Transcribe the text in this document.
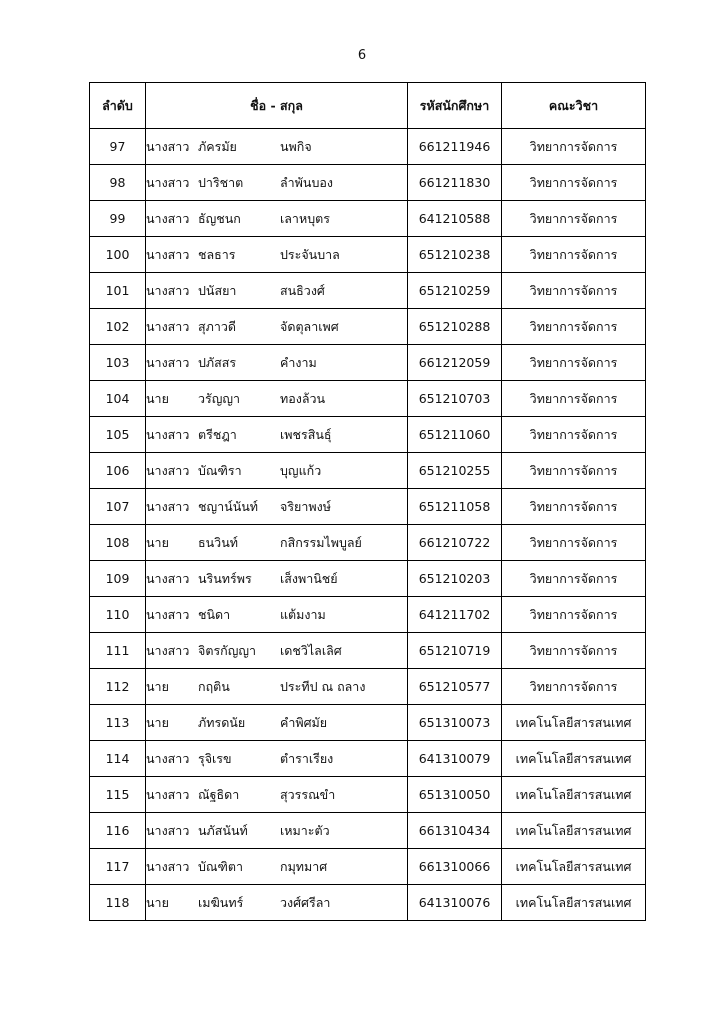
6
ลำดับ	ชื่อ - สกุล	รหัสนักศึกษา	คณะวิชา
97	นางสาว ภัครมัย นพกิจ	661211946	วิทยาการจัดการ
98	นางสาว ปาริชาต ลำพันบอง	661211830	วิทยาการจัดการ
99	นางสาว ธัญชนก เลาหบุตร	641210588	วิทยาการจัดการ
100	นางสาว ชลธาร ประจันบาล	651210238	วิทยาการจัดการ
101	นางสาว ปนัสยา สนธิวงศ์	651210259	วิทยาการจัดการ
102	นางสาว สุภาวดี จัดตุลาเพศ	651210288	วิทยาการจัดการ
103	นางสาว ปภัสสร คำงาม	661212059	วิทยาการจัดการ
104	นาย วรัญญา ทองล้วน	651210703	วิทยาการจัดการ
105	นางสาว ตรีชฎา เพชรสินธุ์	651211060	วิทยาการจัดการ
106	นางสาว บัณฑิรา บุญแก้ว	651210255	วิทยาการจัดการ
107	นางสาว ชญาน์นันท์ จริยาพงษ์	651211058	วิทยาการจัดการ
108	นาย ธนวินท์ กสิกรรมไพบูลย์	661210722	วิทยาการจัดการ
109	นางสาว นรินทร์พร เส็งพานิชย์	651210203	วิทยาการจัดการ
110	นางสาว ชนิดา แต้มงาม	641211702	วิทยาการจัดการ
111	นางสาว จิตรกัญญา เดชวิไลเลิศ	651210719	วิทยาการจัดการ
112	นาย กฤติน ประทีป ณ ถลาง	651210577	วิทยาการจัดการ
113	นาย ภัทรดนัย คำพิศมัย	651310073	เทคโนโลยีสารสนเทศ
114	นางสาว รุจิเรข ตำราเรียง	641310079	เทคโนโลยีสารสนเทศ
115	นางสาว ณัฐธิดา สุวรรณขำ	651310050	เทคโนโลยีสารสนเทศ
116	นางสาว นภัสนันท์ เหมาะตัว	661310434	เทคโนโลยีสารสนเทศ
117	นางสาว บัณฑิตา กมุทมาศ	661310066	เทคโนโลยีสารสนเทศ
118	นาย เมฆินทร์ วงศ์ศรีลา	641310076	เทคโนโลยีสารสนเทศ
